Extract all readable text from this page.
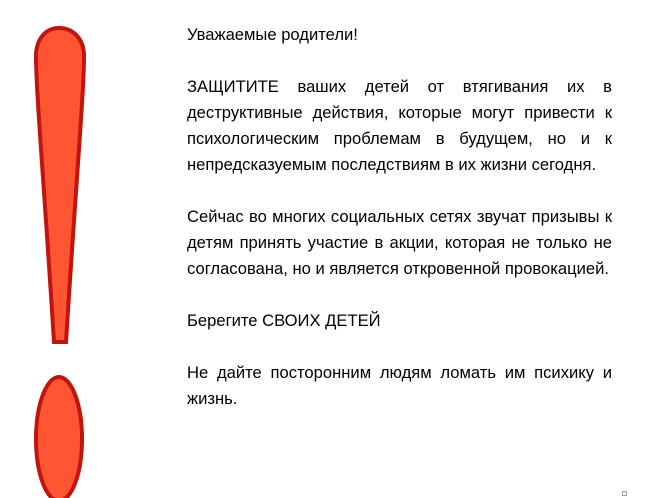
Уважаемые родители!

ЗАЩИТИТЕ ваших детей от втягивания их в деструктивные действия, которые могут привести к психологическим проблемам в будущем, но и к непредсказуемым последствиям в их жизни сегодня.

Сейчас во многих социальных сетях звучат призывы к детям принять участие в акции, которая не только не согласована, но и является откровенной провокацией.

Берегите СВОИХ ДЕТЕЙ

Не дайте посторонним людям ломать им психику и жизнь.
